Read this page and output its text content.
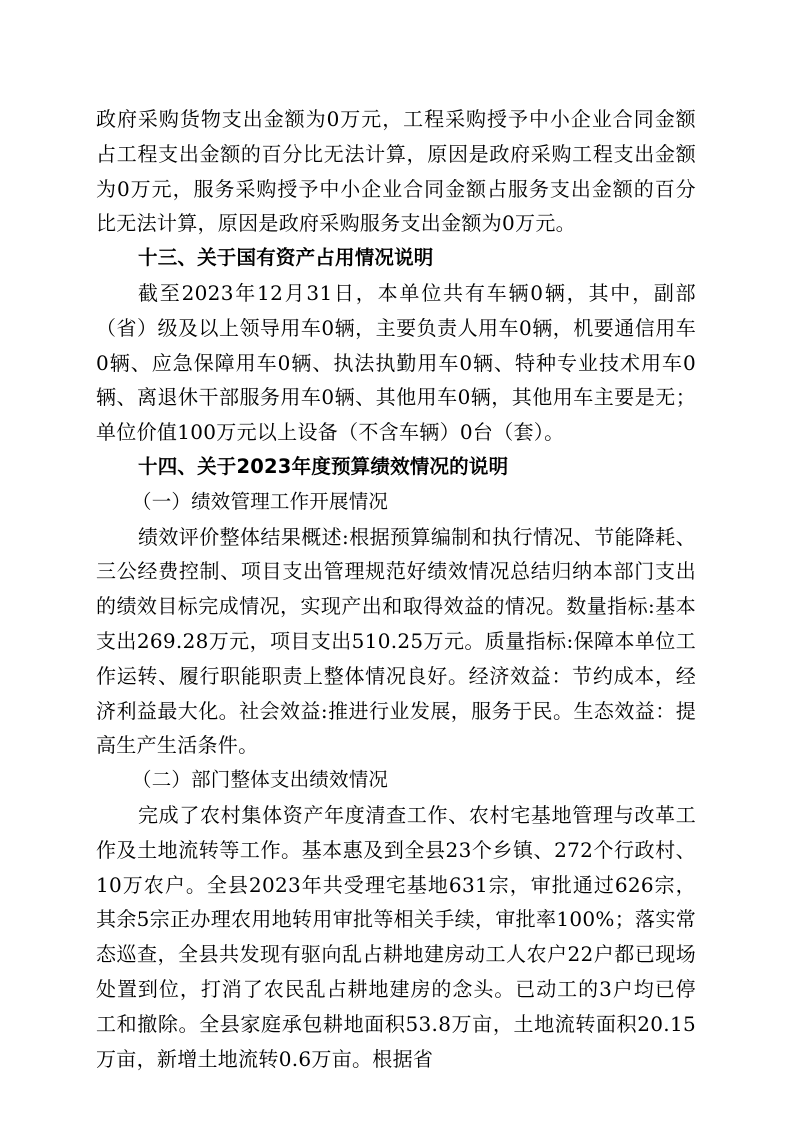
政府采购货物支出金额为0万元，工程采购授予中小企业合同金额占工程支出金额的百分比无法计算，原因是政府采购工程支出金额为0万元，服务采购授予中小企业合同金额占服务支出金额的百分比无法计算，原因是政府采购服务支出金额为0万元。

十三、关于国有资产占用情况说明

截至2023年12月31日，本单位共有车辆0辆，其中，副部（省）级及以上领导用车0辆，主要负责人用车0辆，机要通信用车0辆、应急保障用车0辆、执法执勤用车0辆、特种专业技术用车0辆、离退休干部服务用车0辆、其他用车0辆，其他用车主要是无；单位价值100万元以上设备（不含车辆）0台（套）。

十四、关于2023年度预算绩效情况的说明

（一）绩效管理工作开展情况

绩效评价整体结果概述:根据预算编制和执行情况、节能降耗、三公经费控制、项目支出管理规范好绩效情况总结归纳本部门支出的绩效目标完成情况，实现产出和取得效益的情况。数量指标:基本支出269.28万元，项目支出510.25万元。质量指标:保障本单位工作运转、履行职能职责上整体情况良好。经济效益：节约成本，经济利益最大化。社会效益:推进行业发展，服务于民。生态效益：提高生产生活条件。

（二）部门整体支出绩效情况

完成了农村集体资产年度清查工作、农村宅基地管理与改革工作及土地流转等工作。基本惠及到全县23个乡镇、272个行政村、10万农户。全县2023年共受理宅基地631宗，审批通过626宗，其余5宗正办理农用地转用审批等相关手续，审批率100%；落实常态巡查，全县共发现有驱向乱占耕地建房动工人农户22户都已现场处置到位，打消了农民乱占耕地建房的念头。已动工的3户均已停工和撤除。全县家庭承包耕地面积53.8万亩，土地流转面积20.15万亩，新增土地流转0.6万亩。根据省
